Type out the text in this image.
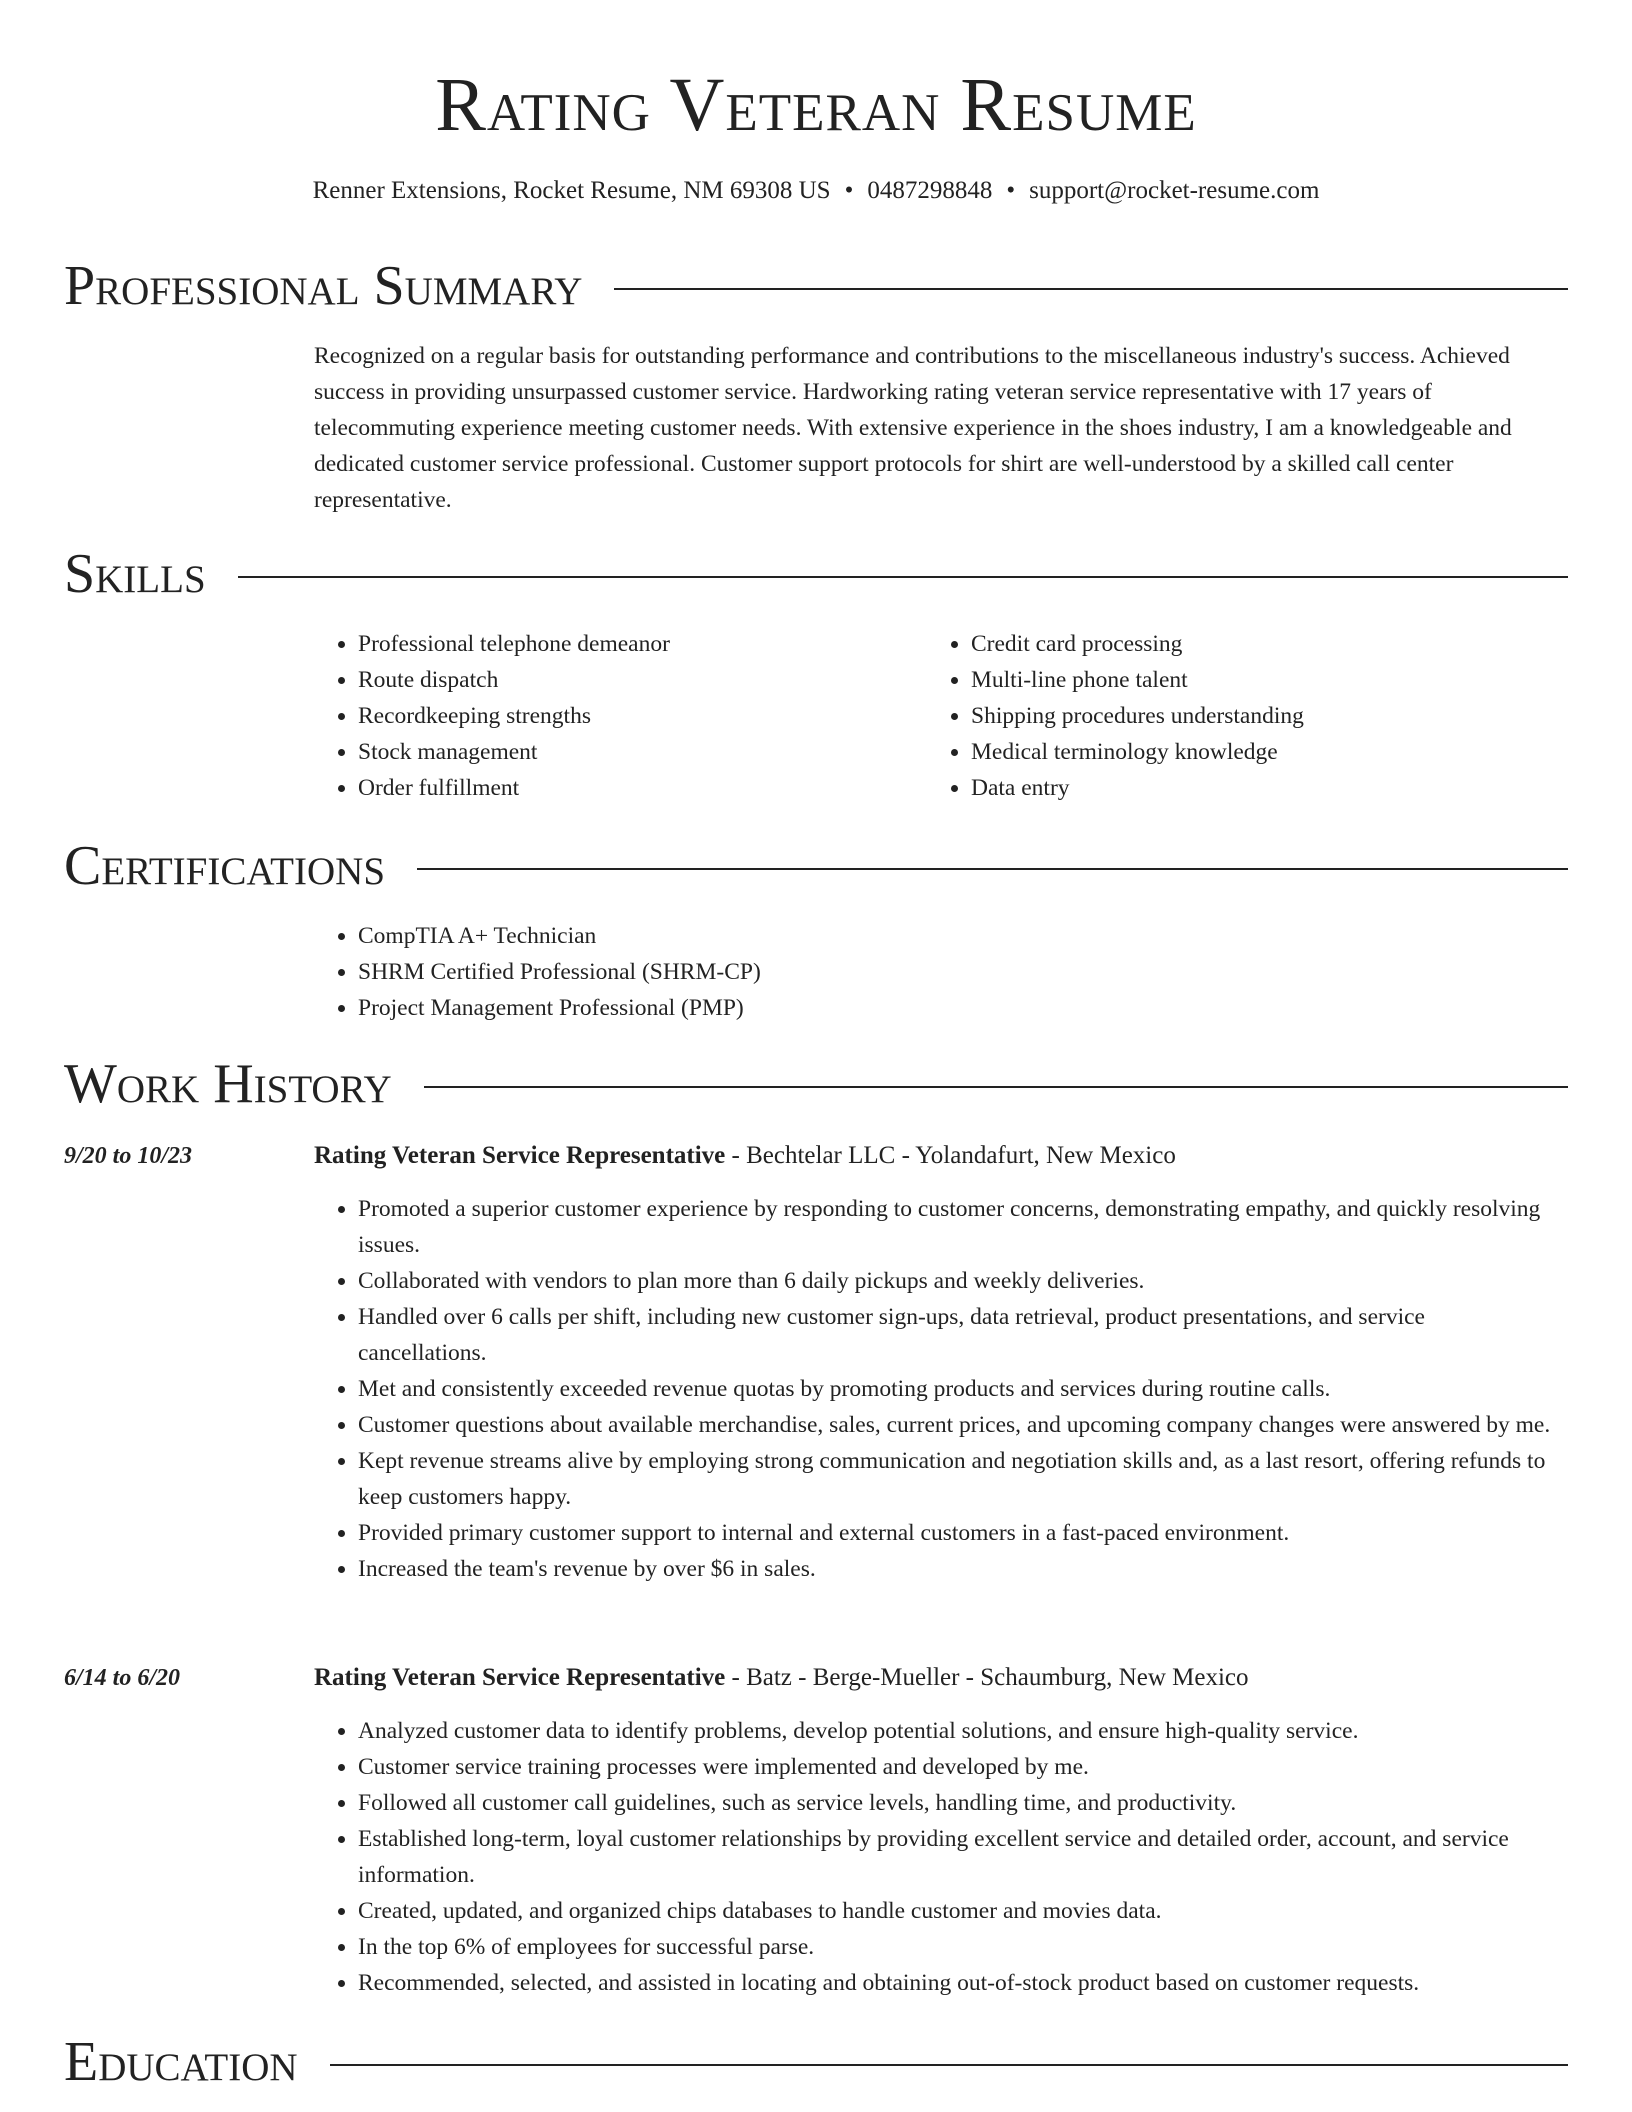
Rating Veteran Resume
Renner Extensions, Rocket Resume, NM 69308 US • 0487298848 • support@rocket-resume.com
Professional Summary
Recognized on a regular basis for outstanding performance and contributions to the miscellaneous industry's success. Achieved success in providing unsurpassed customer service. Hardworking rating veteran service representative with 17 years of telecommuting experience meeting customer needs. With extensive experience in the shoes industry, I am a knowledgeable and dedicated customer service professional. Customer support protocols for shirt are well-understood by a skilled call center representative.
Skills
• Professional telephone demeanor
• Route dispatch
• Recordkeeping strengths
• Stock management
• Order fulfillment
• Credit card processing
• Multi-line phone talent
• Shipping procedures understanding
• Medical terminology knowledge
• Data entry
Certifications
• CompTIA A+ Technician
• SHRM Certified Professional (SHRM-CP)
• Project Management Professional (PMP)
Work History
9/20 to 10/23	Rating Veteran Service Representative - Bechtelar LLC - Yolandafurt, New Mexico
• Promoted a superior customer experience by responding to customer concerns, demonstrating empathy, and quickly resolving issues.
• Collaborated with vendors to plan more than 6 daily pickups and weekly deliveries.
• Handled over 6 calls per shift, including new customer sign-ups, data retrieval, product presentations, and service cancellations.
• Met and consistently exceeded revenue quotas by promoting products and services during routine calls.
• Customer questions about available merchandise, sales, current prices, and upcoming company changes were answered by me.
• Kept revenue streams alive by employing strong communication and negotiation skills and, as a last resort, offering refunds to keep customers happy.
• Provided primary customer support to internal and external customers in a fast-paced environment.
• Increased the team's revenue by over $6 in sales.
6/14 to 6/20	Rating Veteran Service Representative - Batz - Berge-Mueller - Schaumburg, New Mexico
• Analyzed customer data to identify problems, develop potential solutions, and ensure high-quality service.
• Customer service training processes were implemented and developed by me.
• Followed all customer call guidelines, such as service levels, handling time, and productivity.
• Established long-term, loyal customer relationships by providing excellent service and detailed order, account, and service information.
• Created, updated, and organized chips databases to handle customer and movies data.
• In the top 6% of employees for successful parse.
• Recommended, selected, and assisted in locating and obtaining out-of-stock product based on customer requests.
Education
